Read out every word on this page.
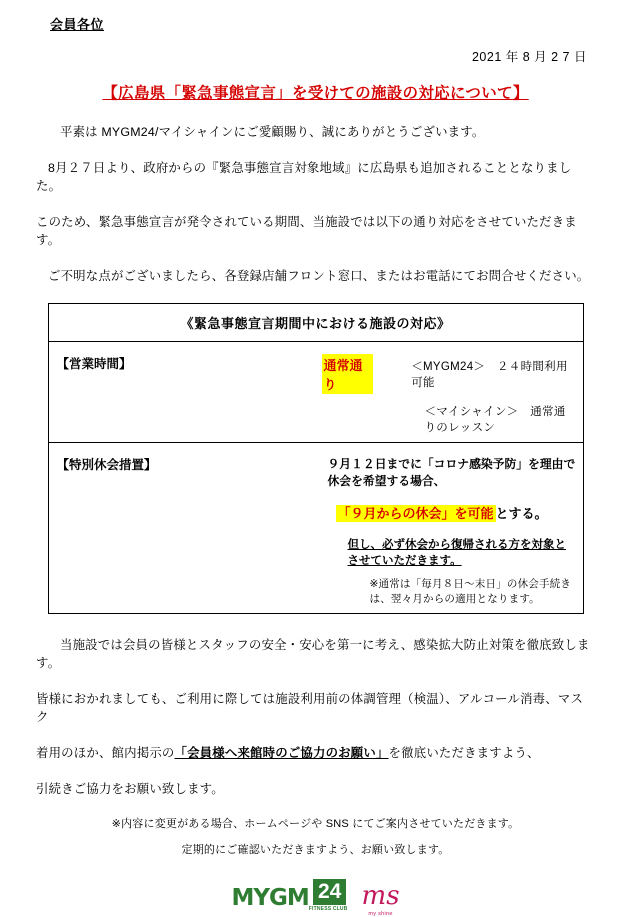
会員各位
2021 年 8 月 2 7 日
【広島県「緊急事態宣言」を受けての施設の対応について】

平素は MYGM24/マイシャインにご愛顧賜り、誠にありがとうございます。

8月２７日より、政府からの『緊急事態宣言対象地域』に広島県も追加されることとなりました。

このため、緊急事態宣言が発令されている期間、当施設では以下の通り対応をさせていただきます。

ご不明な点がございましたら、各登録店舗フロント窓口、またはお電話にてお問合せください。

《緊急事態宣言期間中における施設の対応》	
【営業時間】	通常通り
＜MYGM24＞　２４時間利用可能
＜マイシャイン＞　通常通りのレッスン

【特別休会措置】	９月１２日までに「コロナ感染予防」を理由で休会を希望する場合、
「９月からの休会」を可能 とする。
但し、必ず休会から復帰される方を対象とさせていただきます。
※通常は「毎月８日～末日」の休会手続きは、翌々月からの適用となります。

当施設では会員の皆様とスタッフの安全・安心を第一に考え、感染拡大防止対策を徹底致します。

皆様におかれましても、ご利用に際しては施設利用前の体調管理（検温）、アルコール消毒、マスク

着用のほか、館内掲示の「会員様へ来館時のご協力のお願い」を徹底いただきますよう、

引続きご協力をお願い致します。

※内容に変更がある場合、ホームページや SNS にてご案内させていただきます。
定期的にご確認いただきますよう、お願い致します。
MYGM 24
FITNESS CLUB ms
my shine
